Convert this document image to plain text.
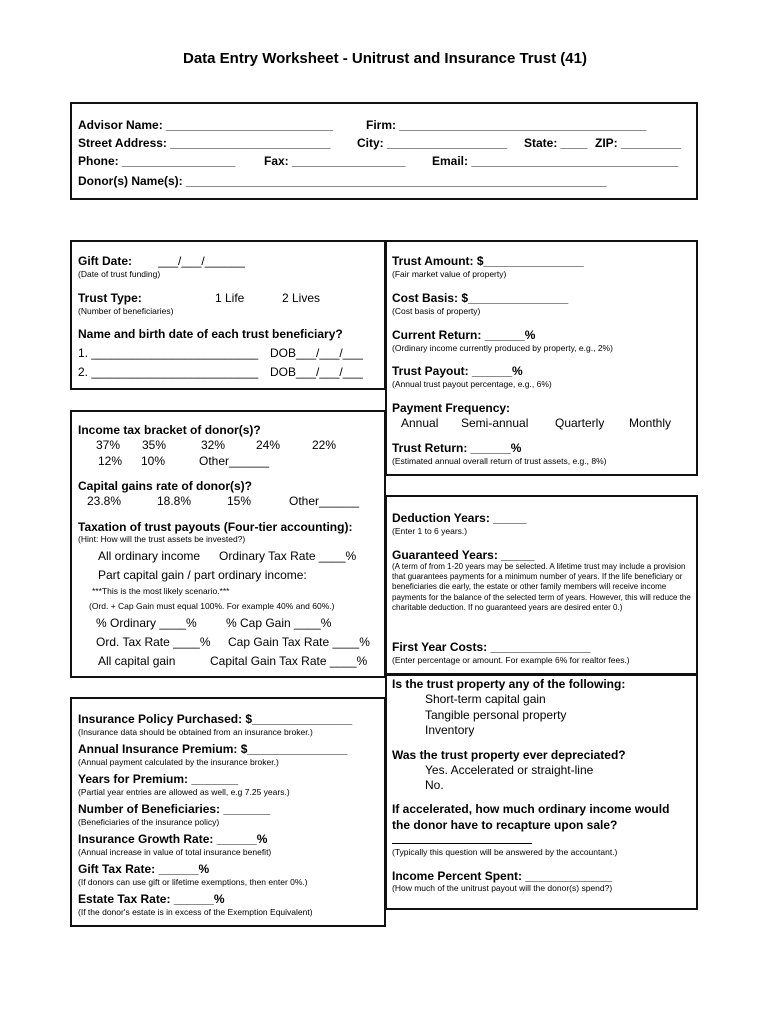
Data Entry Worksheet - Unitrust and Insurance Trust (41)
Advisor Name: _________________________	Firm: _____________________________________
Street Address: ________________________ City: __________________ State: ____ ZIP: _________
Phone: _________________ Fax: _________________ Email: _______________________________
Donor(s) Name(s): _______________________________________________________________
Gift Date: ___/___/______
(Date of trust funding)
Trust Type:	1 Life	2 Lives
(Number of beneficiaries)
Name and birth date of each trust beneficiary?
1. _________________________ DOB___/___/___
2. _________________________ DOB___/___/___
Trust Amount: $_______________
(Fair market value of property)
Cost Basis: $_______________
(Cost basis of property)
Current Return: ______%
(Ordinary income currently produced by property, e.g., 2%)
Trust Payout: ______%
(Annual trust payout percentage, e.g., 6%)
Payment Frequency:
Annual Semi-annual Quarterly Monthly
Trust Return: ______%
(Estimated annual overall return of trust assets, e.g., 8%)
Income tax bracket of donor(s)?
37% 35%	32%	24%	22%
12% 10%	Other______
Capital gains rate of donor(s)?
23.8%	18.8%	15%	Other______
Taxation of trust payouts (Four-tier accounting):
(Hint: How will the trust assets be invested?)
All ordinary income Ordinary Tax Rate ____%
Part capital gain / part ordinary income:
***This is the most likely scenario.***
(Ord. + Cap Gain must equal 100%. For example 40% and 60%.)
% Ordinary ____% % Cap Gain ____%
Ord. Tax Rate ____% Cap Gain Tax Rate ____%
All capital gain	Capital Gain Tax Rate ____%
Deduction Years: _____
(Enter 1 to 6 years.)
Guaranteed Years: _____
(A term of from 1-20 years may be selected. A lifetime trust may include a provision that guarantees payments for a minimum number of years. If the life beneficiary or beneficiaries die early, the estate or other family members will receive income payments for the balance of the selected term of years. However, this will reduce the charitable deduction. If no guaranteed years are desired enter 0.)
First Year Costs: _______________
(Enter percentage or amount. For example 6% for realtor fees.)
Is the trust property any of the following:
Short-term capital gain
Tangible personal property
Inventory
Was the trust property ever depreciated?
Yes. Accelerated or straight-line
No.
If accelerated, how much ordinary income would
the donor have to recapture upon sale?
(Typically this question will be answered by the accountant.)
Income Percent Spent: _____________
(How much of the unitrust payout will the donor(s) spend?)
Insurance Policy Purchased: $_______________
(Insurance data should be obtained from an insurance broker.)
Annual Insurance Premium: $_______________
(Annual payment calculated by the insurance broker.)
Years for Premium: _______
(Partial year entries are allowed as well, e.g 7.25 years.)
Number of Beneficiaries: _______
(Beneficiaries of the insurance policy)
Insurance Growth Rate: ______%
(Annual increase in value of total insurance benefit)
Gift Tax Rate: ______%
(If donors can use gift or lifetime exemptions, then enter 0%.)
Estate Tax Rate: ______%
(If the donor's estate is in excess of the Exemption Equivalent)
